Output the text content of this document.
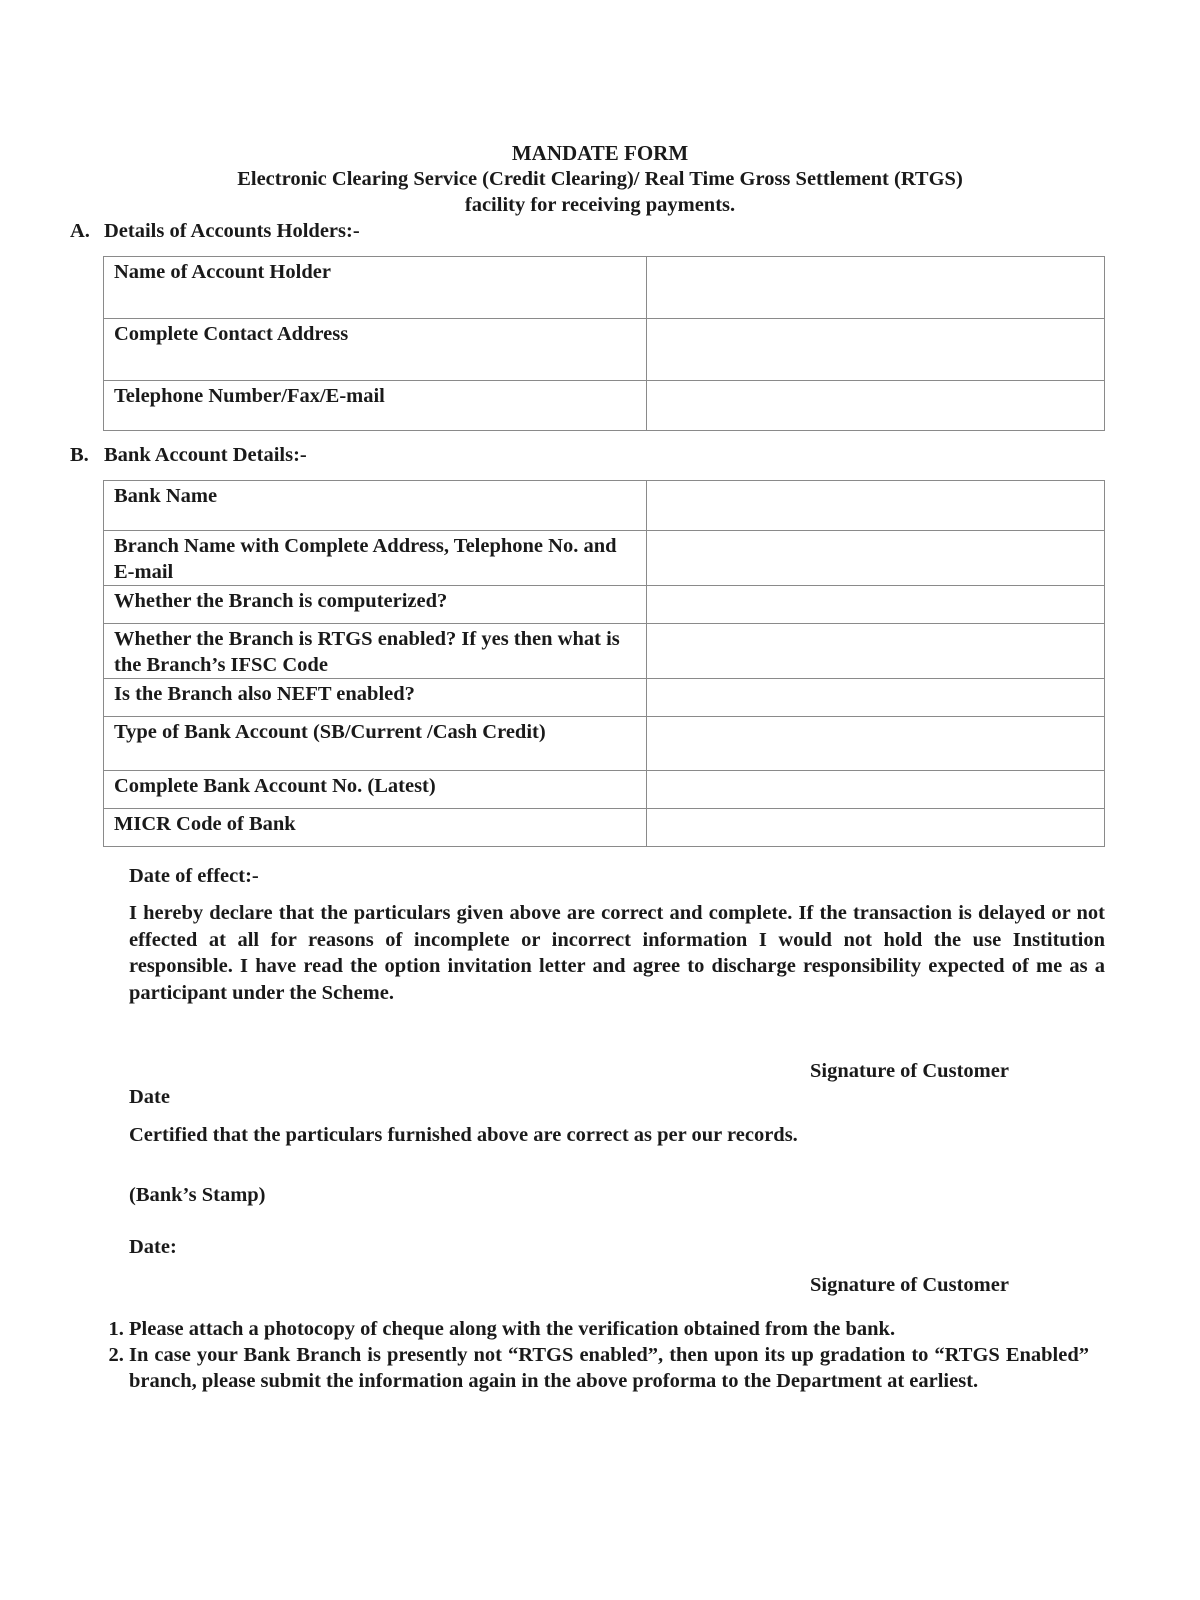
MANDATE FORM
Electronic Clearing Service (Credit Clearing)/ Real Time Gross Settlement (RTGS)
facility for receiving payments.
A. Details of Accounts Holders:-
Name of Account Holder	
Complete Contact Address	
Telephone Number/Fax/E-mail	
B. Bank Account Details:-
Bank Name	
Branch Name with Complete Address, Telephone No. and E-mail	
Whether the Branch is computerized?	
Whether the Branch is RTGS enabled? If yes then what is the Branch’s IFSC Code	
Is the Branch also NEFT enabled?	
Type of Bank Account (SB/Current /Cash Credit)	
Complete Bank Account No. (Latest)	
MICR Code of Bank	
Date of effect:-
I hereby declare that the particulars given above are correct and complete. If the transaction is delayed or not effected at all for reasons of incomplete or incorrect information I would not hold the use Institution responsible. I have read the option invitation letter and agree to discharge responsibility expected of me as a participant under the Scheme.
Signature of Customer
Date
Certified that the particulars furnished above are correct as per our records.
(Bank’s Stamp)
Date:
Signature of Customer
1. Please attach a photocopy of cheque along with the verification obtained from the bank.
2. In case your Bank Branch is presently not “RTGS enabled”, then upon its up gradation to “RTGS Enabled” branch, please submit the information again in the above proforma to the Department at earliest.
